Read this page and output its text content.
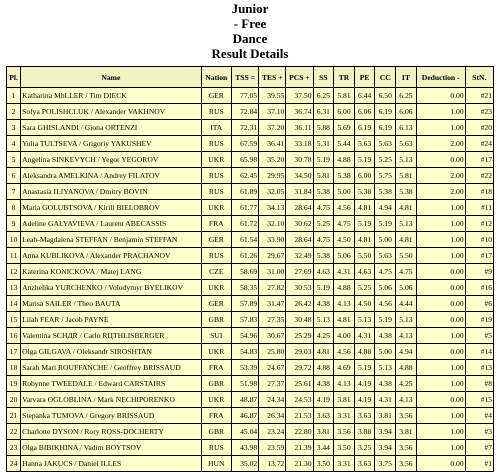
Junior
- Free
Dance
Result Details
Pl.	Name	Nation	TSS =	TES +	PCS +	SS	TR	PE	CC	IT	Deduction -	StN.
1	Katharina MbLLER / Tim DIECK	GER	77.05	39.55	37.50	6.25	5.81	6.44	6.50	6.25	0.00	#21
2	Sofya POLISHCLUK / Alexander VAKHNOV	RUS	72.84	37.10	36.74	6.31	6.00	6.06	6.19	6.06	1.00	#23
3	Sara GHISLANDI / Giona ORTENZI	ITA	72.31	37.20	36.11	5.88	5.69	6.19	6.19	6.13	1.00	#20
4	Yulia TULTSEVA / Grigoriy YAKUSHEV	RUS	67.59	36.41	33.18	5.31	5.44	5.63	5.63	5.63	2.00	#24
5	Angelina SINKEVYCH / Yegor YEGOROV	UKR	65.98	35.20	30.78	5.19	4.88	5.19	5.25	5.13	0.00	#17
6	Aleksandra AMELKINA / Andrey FILATOV	RUS	62.45	29.95	34.50	5.81	5.38	6.00	5.75	5.81	2.00	#22
7	Anastasia ILIYANOVA / Dmitry BOVIN	RUS	61.89	32.05	31.84	5.38	5.00	5.38	5.38	5.38	2.00	#18
8	Maria GOLUBTSOVA / Kirill BIELOBROV	UKR	61.77	34.13	28.64	4.75	4.56	4.81	4.94	4.81	1.00	#11
9	Adeline GALYAVIEVA / Laurent ABECASSIS	FRA	61.72	32.10	30.62	5.25	4.75	5.19	5.19	5.13	1.00	#12
10	Leah-Magdalena STEFFAN / Benjamin STEFFAN	GER	61.54	33.90	28.64	4.75	4.50	4.81	5.00	4.81	1.00	#10
11	Anna KUBLIKOVA / Alexander PRACHANOV	RUS	61.26	29.67	32.49	5.38	5.06	5.50	5.63	5.50	1.00	#17
12	Katerina KONICKOVA / Matej LANG	CZE	58.69	31.00	27.69	4.63	4.31	4.63	4.75	4.75	0.00	#9
13	Anzhelika YURCHENKO / Volodymyr BYELIKOV	UKR	58.35	27.82	30.53	5.19	4.88	5.25	5.06	5.06	0.00	#16
14	Marisa SAILER / Theo BAUTA	GER	57.89	31.47	26.42	4.38	4.13	4.50	4.56	4.44	0.00	#6
15	Lilah FEAR / Jacob PAYNE	GBR	57.83	27.35	30.48	5.13	4.81	5.13	5.19	5.13	0.00	#19
16	Valentina SCHДR / Carlo RЦTHLISBERGER	SUI	54.96	30.67	25.29	4.25	4.00	4.31	4.38	4.13	1.00	#5
17	Olga GILGAVA / Oleksandr SIROSHTAN	UKR	54.83	25.80	29.03	4.81	4.56	4.88	5.00	4.94	0.00	#14
18	Sarah Mari ROUFFANCHE / Geoffrey BRISSAUD	FRA	53.39	24.67	29.72	4.88	4.69	5.19	5.13	4.88	1.00	#13
19	Robynne TWEEDALE / Edward CARSTAIRS	GBR	51.98	27.37	25.61	4.38	4.13	4.19	4.38	4.25	1.00	#8
20	Varvara OGLOBLINA / Mark NECHIPORENKO	UKR	48.87	24.34	24.53	4.19	3.81	4.19	4.31	4.13	0.00	#15
21	Stepanka TUMOVA / Gregory BRISSAUD	FRA	46.87	26.34	21.53	3.63	3.31	3.63	3.81	3.56	1.00	#4
22	Charlotte DYSON / Rory ROSS-DOCHERTY	GBR	45.04	23.24	22.80	3.81	3.56	3.88	3.94	3.81	1.00	#3
23	Olga BIBIKHINA / Vadim BOYTSOV	RUS	43.98	23.59	21.39	3.44	3.50	3.25	3.94	3.56	1.00	#7
24	Hanna JAKUCS / Daniel ILLES	HUN	35.02	13.72	21.30	3.50	3.31	3.63	3.75	3.56	0.00	#1
